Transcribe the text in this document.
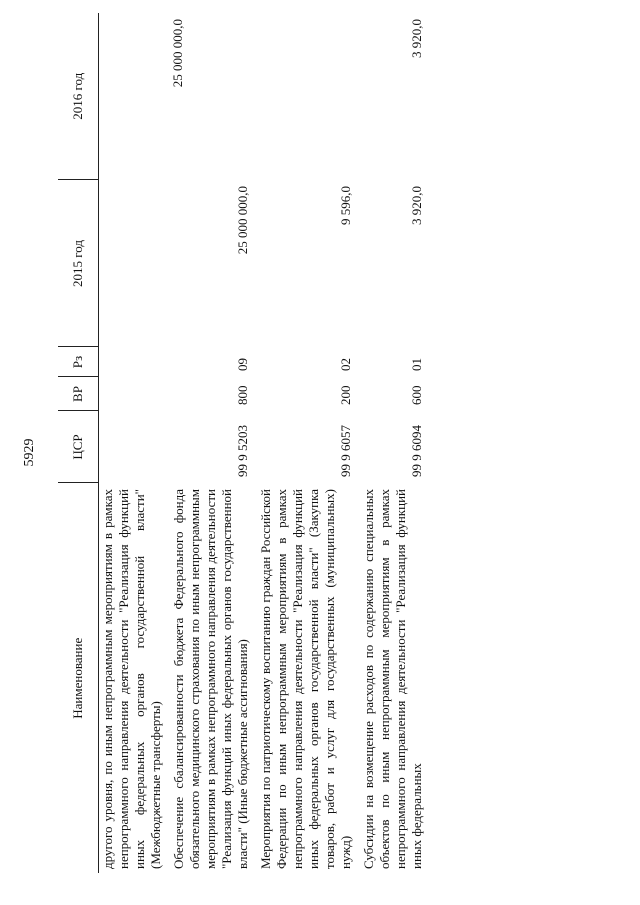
5929
Наименование	ЦСР	ВР	Рз	2015 год	2016 год
другого уровня, по иным непрограммным мероприятиям в рамках непрограммного направления деятельности "Реализация функций иных федеральных органов государственной власти" (Межбюджетные трансферты)					
Обеспечение сбалансированности бюджета Федерального фонда обязательного медицинского страхования по иным непрограммным мероприятиям в рамках непрограммного направления деятельности "Реализация функций иных федеральных органов государственной власти" (Иные бюджетные ассигнования)	99 9 5203	800	09	25 000 000,0	25 000 000,0
Мероприятия по патриотическому воспитанию граждан Российской Федерации по иным непрограммным мероприятиям в рамках непрограммного направления деятельности "Реализация функций иных федеральных органов государственной власти" (Закупка товаров, работ и услуг для государственных (муниципальных) нужд)	99 9 6057	200	02	9 596,0	
Субсидии на возмещение расходов по содержанию специальных объектов по иным непрограммным мероприятиям в рамках непрограммного направления деятельности "Реализация функций иных федеральных	99 9 6094	600	01	3 920,0	3 920,0
